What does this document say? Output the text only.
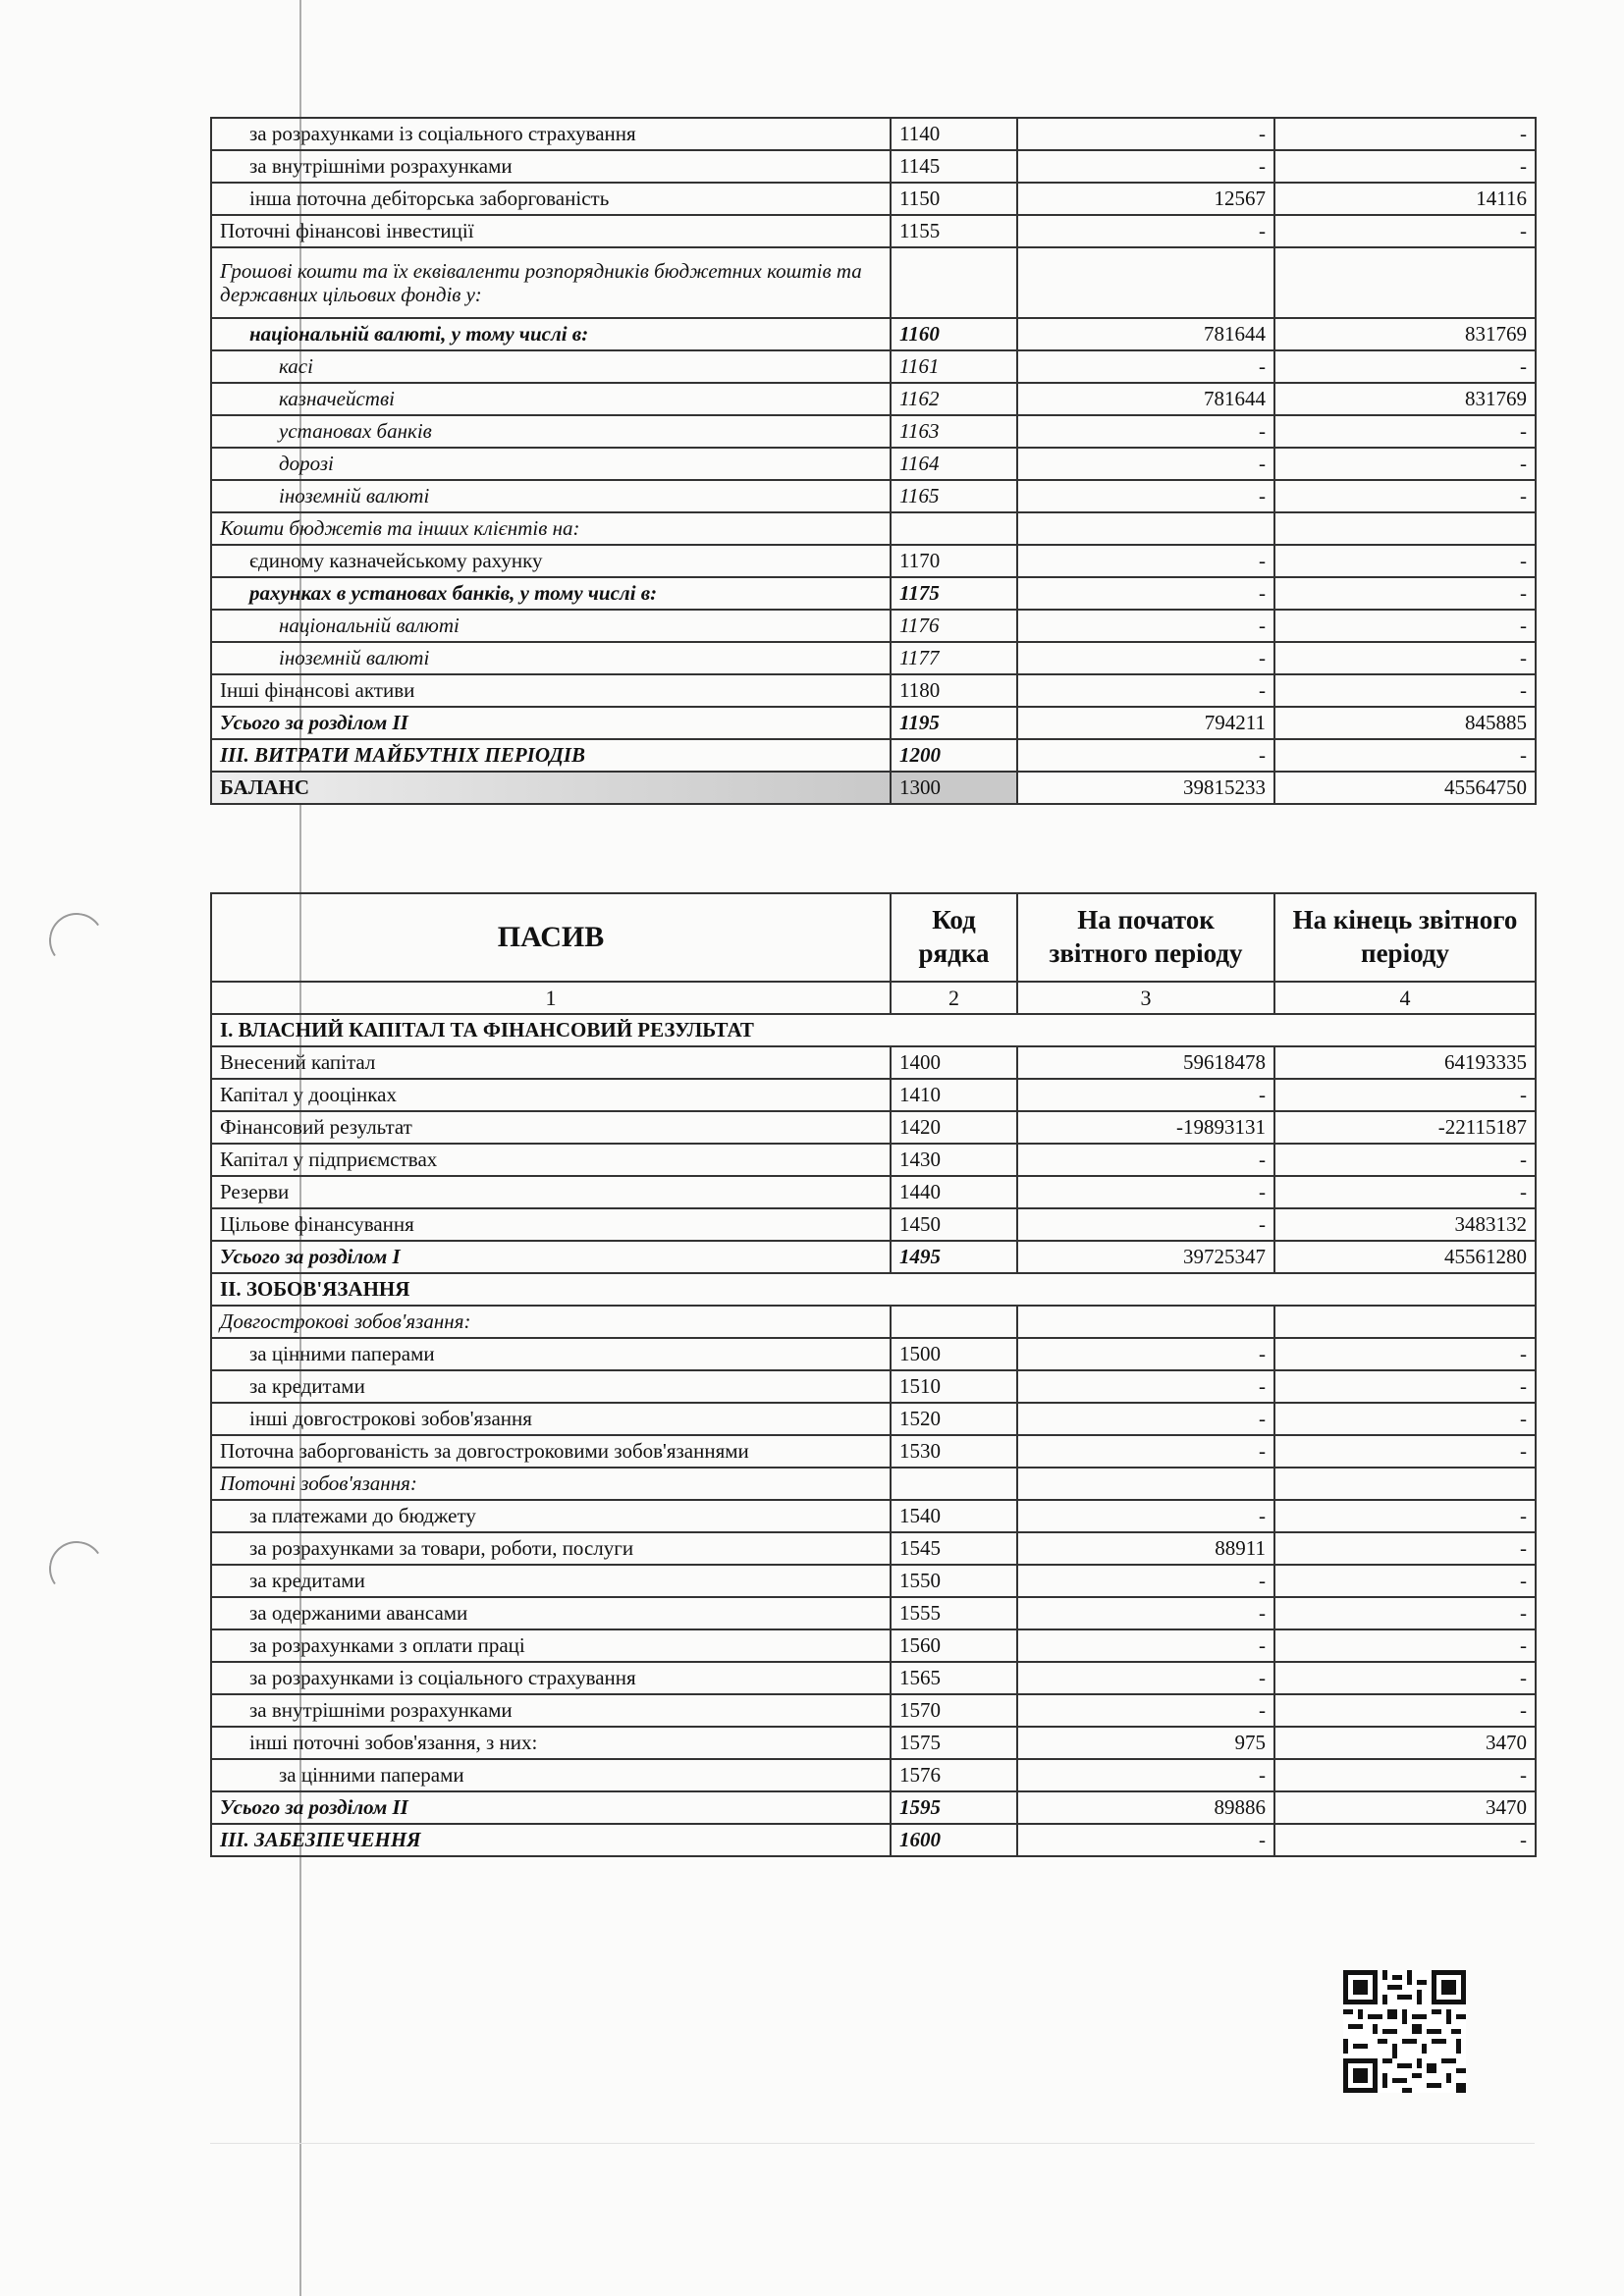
за розрахунками із соціального страхування	1140	-	-
за внутрішніми розрахунками	1145	-	-
інша поточна дебіторська заборгованість	1150	12567	14116
Поточні фінансові інвестиції	1155	-	-
Грошові кошти та їх еквіваленти розпорядників бюджетних коштів та державних цільових фондів у:			
національній валюті, у тому числі в:	1160	781644	831769
касі	1161	-	-
казначействі	1162	781644	831769
установах банків	1163	-	-
дорозі	1164	-	-
іноземній валюті	1165	-	-
Кошти бюджетів та інших клієнтів на:			
єдиному казначейському рахунку	1170	-	-
рахунках в установах банків, у тому числі в:	1175	-	-
національній валюті	1176	-	-
іноземній валюті	1177	-	-
Інші фінансові активи	1180	-	-
Усього за розділом II	1195	794211	845885
III. ВИТРАТИ МАЙБУТНІХ ПЕРІОДІВ	1200	-	-
БАЛАНС	1300	39815233	45564750
ПАСИВ	Код рядка	На початок звітного періоду	На кінець звітного періоду
1	2	3	4
I. ВЛАСНИЙ КАПІТАЛ ТА ФІНАНСОВИЙ РЕЗУЛЬТАТ			
Внесений капітал	1400	59618478	64193335
Капітал у дооцінках	1410	-	-
Фінансовий результат	1420	-19893131	-22115187
Капітал у підприємствах	1430	-	-
Резерви	1440	-	-
Цільове фінансування	1450	-	3483132
Усього за розділом I	1495	39725347	45561280
II. ЗОБОВ'ЯЗАННЯ			
Довгострокові зобов'язання:			
за цінними паперами	1500	-	-
за кредитами	1510	-	-
інші довгострокові зобов'язання	1520	-	-
Поточна заборгованість за довгостроковими зобов'язаннями	1530	-	-
Поточні зобов'язання:			
за платежами до бюджету	1540	-	-
за розрахунками за товари, роботи, послуги	1545	88911	-
за кредитами	1550	-	-
за одержаними авансами	1555	-	-
за розрахунками з оплати праці	1560	-	-
за розрахунками із соціального страхування	1565	-	-
за внутрішніми розрахунками	1570	-	-
інші поточні зобов'язання, з них:	1575	975	3470
за цінними паперами	1576	-	-
Усього за розділом II	1595	89886	3470
III. ЗАБЕЗПЕЧЕННЯ	1600	-	-
